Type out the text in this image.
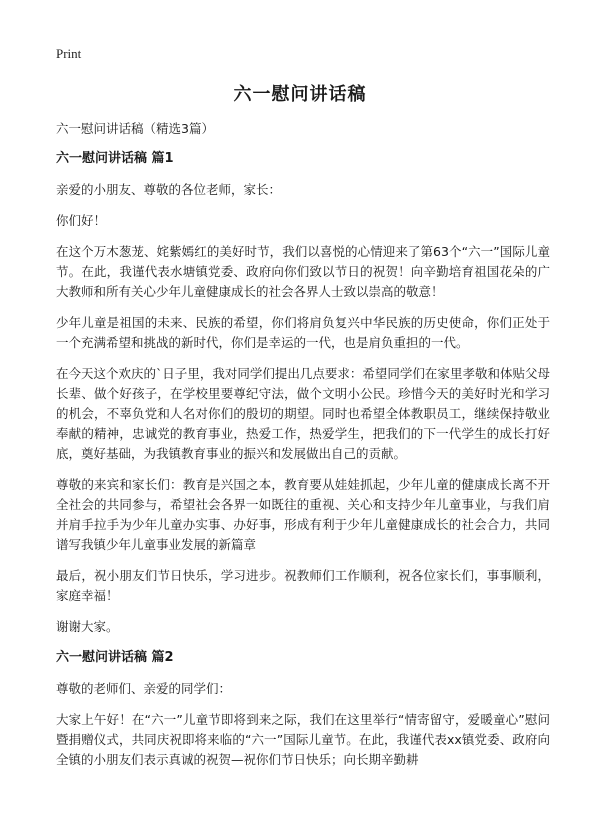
Print
六一慰问讲话稿

六一慰问讲话稿（精选3篇）

六一慰问讲话稿 篇1

亲爱的小朋友、尊敬的各位老师，家长：

你们好！

在这个万木葱茏、姹紫嫣红的美好时节，我们以喜悦的心情迎来了第63个“六一”国际儿童节。在此，我谨代表水塘镇党委、政府向你们致以节日的祝贺！向辛勤培育祖国花朵的广大教师和所有关心少年儿童健康成长的社会各界人士致以崇高的敬意！

少年儿童是祖国的未来、民族的希望，你们将肩负复兴中华民族的历史使命，你们正处于一个充满希望和挑战的新时代，你们是幸运的一代，也是肩负重担的一代。

在今天这个欢庆的`日子里，我对同学们提出几点要求：希望同学们在家里孝敬和体贴父母长辈、做个好孩子，在学校里要尊纪守法，做个文明小公民。珍惜今天的美好时光和学习的机会，不辜负党和人名对你们的殷切的期望。同时也希望全体教职员工，继续保持敬业奉献的精神，忠诚党的教育事业，热爱工作，热爱学生，把我们的下一代学生的成长打好底，奠好基础，为我镇教育事业的振兴和发展做出自己的贡献。

尊敬的来宾和家长们：教育是兴国之本，教育要从娃娃抓起，少年儿童的健康成长离不开全社会的共同参与，希望社会各界一如既往的重视、关心和支持少年儿童事业，与我们肩并肩手拉手为少年儿童办实事、办好事，形成有利于少年儿童健康成长的社会合力，共同谱写我镇少年儿童事业发展的新篇章

最后，祝小朋友们节日快乐，学习进步。祝教师们工作顺利，祝各位家长们，事事顺利，家庭幸福！

谢谢大家。

六一慰问讲话稿 篇2

尊敬的老师们、亲爱的同学们：

大家上午好！在“六一”儿童节即将到来之际，我们在这里举行“情寄留守，爱暖童心”慰问暨捐赠仪式，共同庆祝即将来临的“六一”国际儿童节。在此，我谨代表xx镇党委、政府向全镇的小朋友们表示真诚的祝贺—祝你们节日快乐；向长期辛勤耕
